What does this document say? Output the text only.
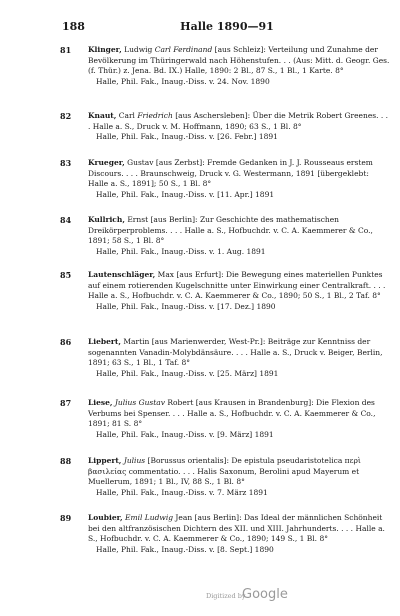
188	Halle 1890—91
81 Klinger, Ludwig Carl Ferdinand [aus Schleiz]: Verteilung und Zunahme der Bevölkerung im Thüringerwald nach Höhenstufen. . . (Aus: Mitt. d. Geogr. Ges. (f. Thür.) z. Jena. Bd. IX.) Halle, 1890: 2 Bl., 87 S., 1 Bl., 1 Karte. 8°
Halle, Phil. Fak., Inaug.-Diss. v. 24. Nov. 1890
82 Knaut, Carl Friedrich [aus Aschersleben]: Über die Metrik Robert Greenes. . . . Halle a. S., Druck v. M. Hoffmann, 1890; 63 S., 1 Bl. 8°
Halle, Phil. Fak., Inaug.-Diss. v. [26. Febr.] 1891
83 Krueger, Gustav [aus Zerbst]: Fremde Gedanken in J. J. Rousseaus erstem Discours. . . . Braunschweig, Druck v. G. Westermann, 1891 [übergeklebt: Halle a. S., 1891]; 50 S., 1 Bl. 8°
Halle, Phil. Fak., Inaug.-Diss. v. [11. Apr.] 1891
84 Kullrich, Ernst [aus Berlin]: Zur Geschichte des mathematischen Dreikörperproblems. . . . Halle a. S., Hofbuchdr. v. C. A. Kaemmerer & Co., 1891; 58 S., 1 Bl. 8°
Halle, Phil. Fak., Inaug.-Diss. v. 1. Aug. 1891
85 Lautenschläger, Max [aus Erfurt]: Die Bewegung eines materiellen Punktes auf einem rotierenden Kugelschnitte unter Einwirkung einer Centralkraft. . . . Halle a. S., Hofbuchdr. v. C. A. Kaemmerer & Co., 1890; 50 S., 1 Bl., 2 Taf. 8°
Halle, Phil. Fak., Inaug.-Diss. v. [17. Dez.] 1890
86 Liebert, Martin [aus Marienwerder, West-Pr.]: Beiträge zur Kenntniss der sogenannten Vanadin-Molybdänsäure. . . . Halle a. S., Druck v. Beiger, Berlin, 1891; 63 S., 1 Bl., 1 Taf. 8°
Halle, Phil. Fak., Inaug.-Diss. v. [25. März] 1891
87 Liese, Julius Gustav Robert [aus Krausen in Brandenburg]: Die Flexion des Verbums bei Spenser. . . . Halle a. S., Hofbuchdr. v. C. A. Kaemmerer & Co., 1891; 81 S. 8°
Halle, Phil. Fak., Inaug.-Diss. v. [9. März] 1891
88 Lippert, Julius [Borussus orientalis]: De epistula pseudaristotelica περὶ βασιλείας commentatio. . . . Halis Saxonum, Berolini apud Mayerum et Muellerum, 1891; 1 Bl., IV, 88 S., 1 Bl. 8°
Halle, Phil. Fak., Inaug.-Diss. v. 7. März 1891
89 Loubier, Emil Ludwig Jean [aus Berlin]: Das Ideal der männlichen Schönheit bei den altfranzösischen Dichtern des XII. und XIII. Jahrhunderts. . . . Halle a. S., Hofbuchdr. v. C. A. Kaemmerer & Co., 1890; 149 S., 1 Bl. 8°
Halle, Phil. Fak., Inaug.-Diss. v. [8. Sept.] 1890
Digitized by
Google
